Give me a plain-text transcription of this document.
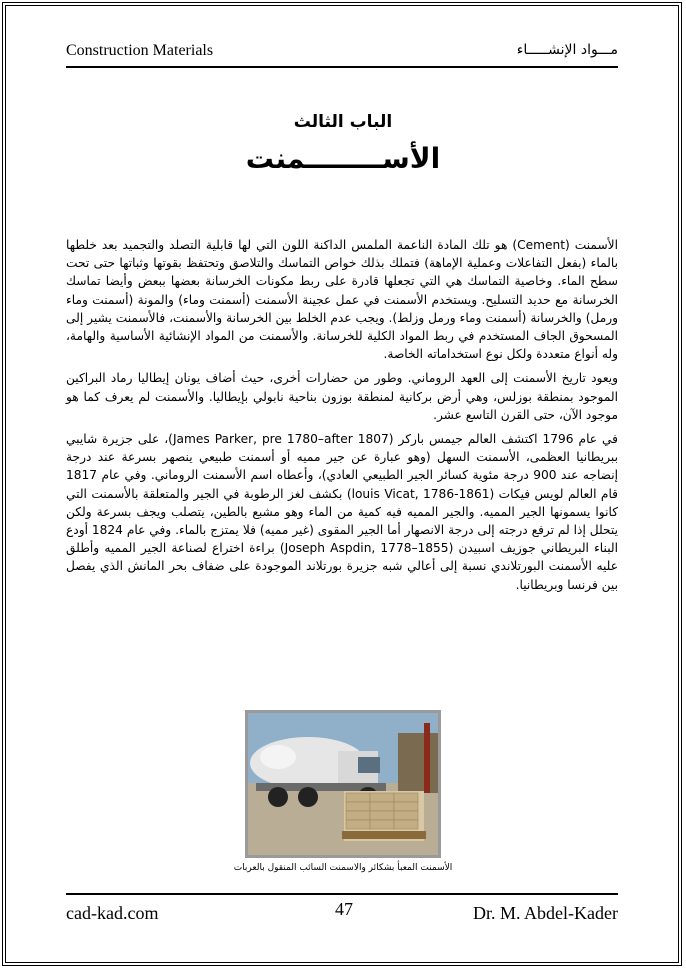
Construction Materials	مـــواد الإنشـــــاء
الباب الثالث
الأســــــــمنت

الأسمنت (Cement) هو تلك المادة الناعمة الملمس الداكنة اللون التي لها قابلية التصلد والتجميد بعد خلطها بالماء (بفعل التفاعلات وعملية الإماهة) فتملك بذلك خواص التماسك والتلاصق وتحتفظ بقوتها وثباتها حتى تحت سطح الماء. وخاصية التماسك هي التي تجعلها قادرة على ربط مكونات الخرسانة بعضها ببعض وأيضا تماسك الخرسانة مع حديد التسليح. ويستخدم الأسمنت في عمل عجينة الأسمنت (أسمنت وماء) والمونة (أسمنت وماء ورمل) والخرسانة (أسمنت وماء ورمل وزلط). ويجب عدم الخلط بين الخرسانة والأسمنت، فالأسمنت يشير إلى المسحوق الجاف المستخدم في ربط المواد الكلية للخرسانة. والأسمنت من المواد الإنشائية الأساسية والهامة، وله أنواع متعددة ولكل نوع استخداماته الخاصة.

ويعود تاريخ الأسمنت إلى العهد الروماني. وطور من حضارات أخرى، حيث أضاف يونان إيطاليا رماد البراكين الموجود بمنطقة بوزلس، وهي أرض بركانية لمنطقة بوزون بناحية نابولي بإيطاليا. والأسمنت لم يعرف كما هو موجود الآن، حتى القرن التاسع عشر.

في عام 1796 اكتشف العالم جيمس باركر (James Parker, pre 1780–after 1807)، على جزيرة شايبي ببريطانيا العظمى، الأسمنت السهل (وهو عبارة عن جير مميه أو أسمنت طبيعي ينصهر بسرعة عند درجة إنضاجه عند 900 درجة مئوية كسائر الجير الطبيعي العادي)، وأعطاه اسم الأسمنت الروماني. وفي عام 1817 قام العالم لويس فيكات (louis Vicat, 1786-1861) بكشف لغز الرطوبة في الجير والمتعلقة بالأسمنت التي كانوا يسمونها الجير المميه. والجير المميه فيه كمية من الماء وهو مشبع بالطين، يتصلب ويجف بسرعة ولكن يتحلل إذا لم ترفع درجته إلى درجة الانصهار أما الجير المقوى (غير مميه) فلا يمتزج بالماء. وفي عام 1824 أودع البناء البريطاني جوزيف اسبيدن (Joseph Aspdin, 1778–1855) براءة اختراع لصناعة الجير المميه وأطلق عليه الأسمنت البورتلاندي نسبة إلى أعالي شبه جزيرة بورتلاند الموجودة على ضفاف بحر المانش الذي يفصل بين فرنسا وبريطانيا.

الأسمنت المعبأ بشكائر والاسمنت السائب المنقول بالعربات
cad-kad.com	47	Dr. M. Abdel-Kader
